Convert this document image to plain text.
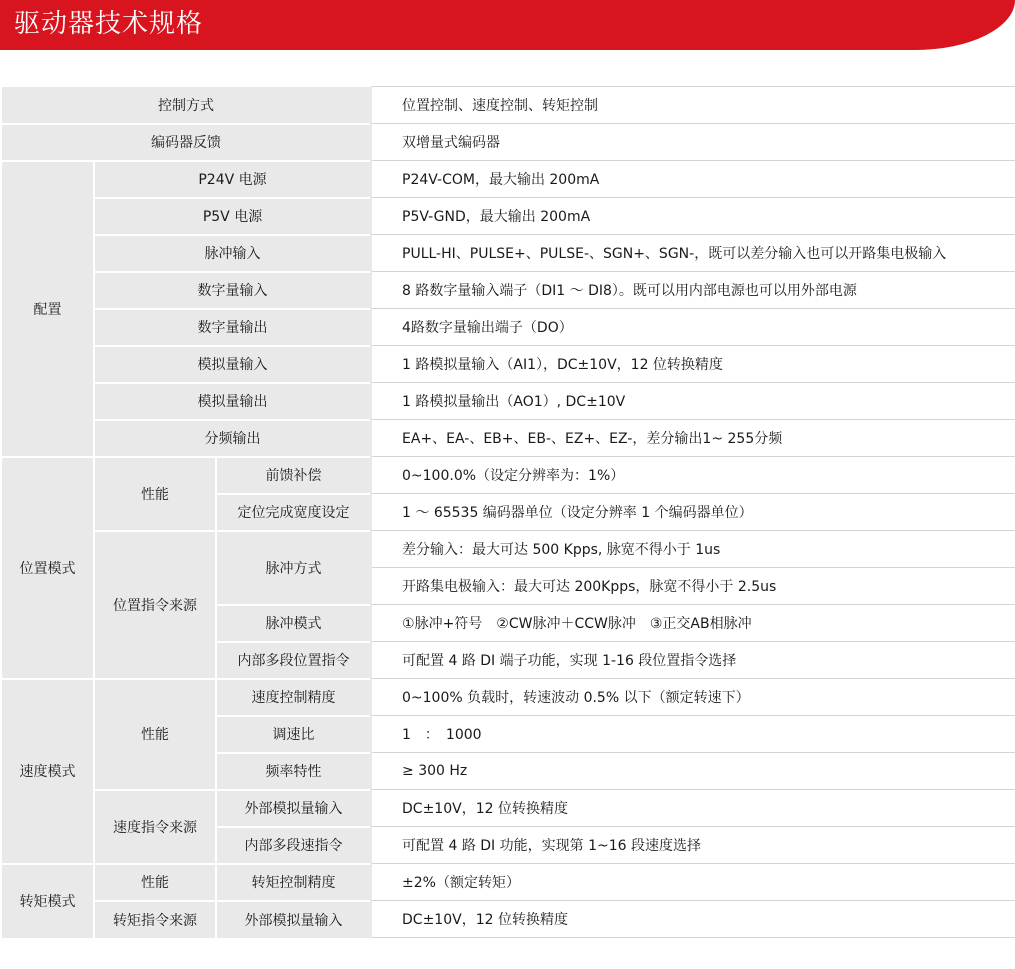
驱动器技术规格
控制方式			位置控制、速度控制、转矩控制
编码器反馈			双增量式编码器
配置	P24V 电源		P24V-COM，最大输出 200mA
	P5V 电源		P5V-GND，最大输出 200mA
	脉冲输入		PULL-HI、PULSE+、PULSE-、SGN+、SGN-，既可以差分输入也可以开路集电极输入
	数字量输入		8 路数字量输入端子（DI1 ～ DI8）。既可以用内部电源也可以用外部电源
	数字量输出		4路数字量输出端子（DO）
	模拟量输入		1 路模拟量输入（AI1），DC±10V，12 位转换精度
	模拟量输出		1 路模拟量输出（AO1）, DC±10V
	分频输出		EA+、EA-、EB+、EB-、EZ+、EZ-，差分输出1~ 255分频
位置模式	性能	前馈补偿	0~100.0%（设定分辨率为：1%）
		定位完成宽度设定	1 ～ 65535 编码器单位（设定分辨率 1 个编码器单位）
	位置指令来源	脉冲方式	差分输入：最大可达 500 Kpps, 脉宽不得小于 1us
			开路集电极输入：最大可达 200Kpps，脉宽不得小于 2.5us
		脉冲模式	①脉冲+符号　②CW脉冲＋CCW脉冲　③正交AB相脉冲
		内部多段位置指令	可配置 4 路 DI 端子功能，实现 1-16 段位置指令选择
速度模式	性能	速度控制精度	0~100% 负载时，转速波动 0.5% 以下（额定转速下）
		调速比	1　：　1000
		频率特性	≥ 300 Hz
	速度指令来源	外部模拟量输入	DC±10V，12 位转换精度
		内部多段速指令	可配置 4 路 DI 功能，实现第 1~16 段速度选择
转矩模式	性能	转矩控制精度	±2%（额定转矩）
	转矩指令来源	外部模拟量输入	DC±10V，12 位转换精度
